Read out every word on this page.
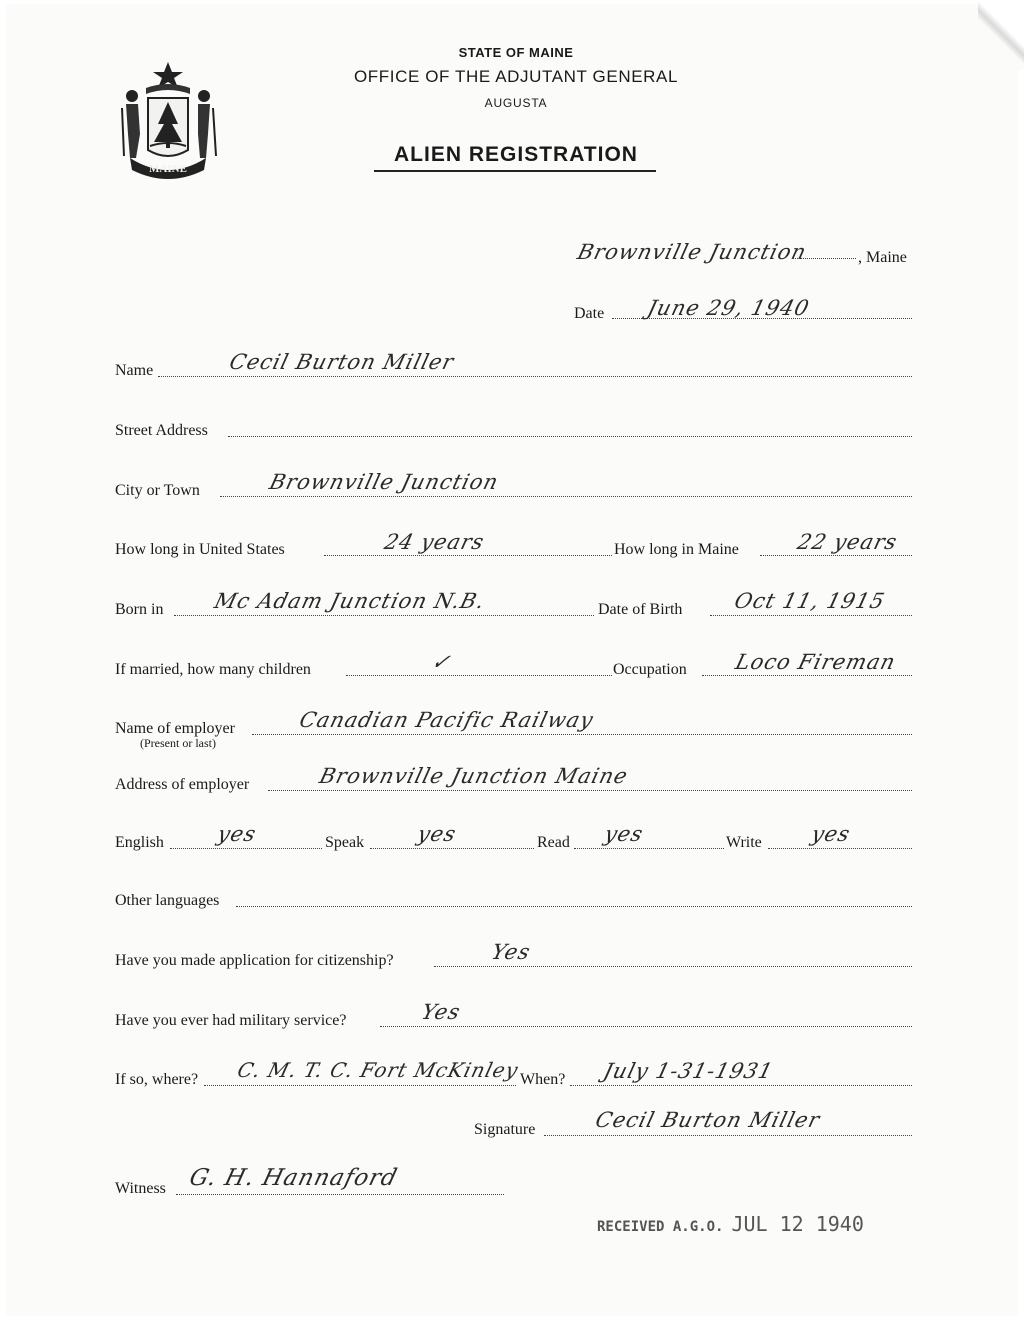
MAINE
STATE OF MAINE
OFFICE OF THE ADJUTANT GENERAL
AUGUSTA
ALIEN REGISTRATION
Brownville Junction	, Maine
Date June 29, 1940
Name	Cecil Burton Miller
Street Address
City or Town	Brownville Junction
How long in United States	24 years	How long in Maine	22 years
Born in Mc Adam Junction N.B.	Date of Birth Oct 11, 1915
If married, how many children	✓	Occupation Loco Fireman
Name of employer
(Present or last)
Canadian Pacific Railway
Address of employer	Brownville Junction Maine
English yes	Speak yes	Read yes	Write yes
Other languages
Have you made application for citizenship?	Yes
Have you ever had military service?	Yes
If so, where? C. M. T. C. Fort McKinley
When? July 1-31-1931
Signature	Cecil Burton Miller
Witness G. H. Hannaford
RECEIVED A.G.O. JUL 12 1940
